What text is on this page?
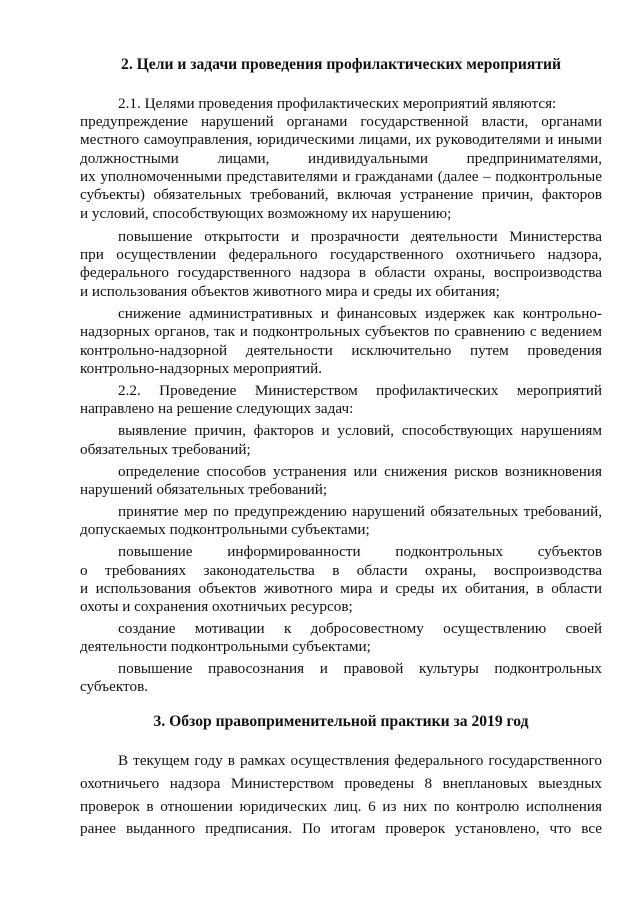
2. Цели и задачи проведения профилактических мероприятий
2.1. Целями проведения профилактических мероприятий являются:
предупреждение нарушений органами государственной власти, органами
местного самоуправления, юридическими лицами, их руководителями и иными
должностными лицами, индивидуальными предпринимателями,
их уполномоченными представителями и гражданами (далее – подконтрольные
субъекты) обязательных требований, включая устранение причин, факторов
и условий, способствующих возможному их нарушению;
повышение открытости и прозрачности деятельности Министерства
при осуществлении федерального государственного охотничьего надзора,
федерального государственного надзора в области охраны, воспроизводства
и использования объектов животного мира и среды их обитания;
снижение административных и финансовых издержек как контрольно-
надзорных органов, так и подконтрольных субъектов по сравнению с ведением
контрольно-надзорной деятельности исключительно путем проведения
контрольно-надзорных мероприятий.
2.2. Проведение Министерством профилактических мероприятий
направлено на решение следующих задач:
выявление причин, факторов и условий, способствующих нарушениям
обязательных требований;
определение способов устранения или снижения рисков возникновения
нарушений обязательных требований;
принятие мер по предупреждению нарушений обязательных требований,
допускаемых подконтрольными субъектами;
повышение информированности подконтрольных субъектов
о требованиях законодательства в области охраны, воспроизводства
и использования объектов животного мира и среды их обитания, в области
охоты и сохранения охотничьих ресурсов;
создание мотивации к добросовестному осуществлению своей
деятельности подконтрольными субъектами;
повышение правосознания и правовой культуры подконтрольных
субъектов.
3. Обзор правоприменительной практики за 2019 год
В текущем году в рамках осуществления федерального государственного
охотничьего надзора Министерством проведены 8 внеплановых выездных
проверок в отношении юридических лиц. 6 из них по контролю исполнения
ранее выданного предписания. По итогам проверок установлено, что все
